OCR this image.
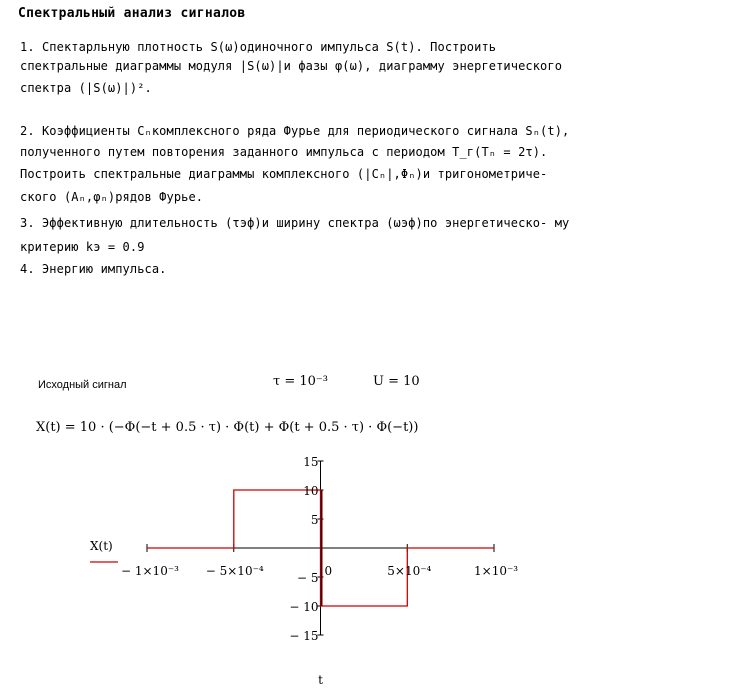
Спектральный анализ сигналов
1. Спектарльную плотность S(ω)одиночного импульса S(t). Построить
спектральные диаграммы модуля |S(ω)|и фазы φ(ω), диаграмму энергетического
спектра (|S(ω)|)².
2. Коэффициенты Cₙкомплексного ряда Фурье для периодического сигнала Sₙ(t),
полученного путем повторения заданного импульса с периодом T_г(Tₙ = 2τ).
Построить спектральные диаграммы комплексного (|Cₙ|,Φₙ)и тригонометриче-
ского (Aₙ,φₙ)рядов Фурье.
3. Эффективную длительность (τэф)и ширину спектра (ωэф)по энергетическо- му
критерию kэ = 0.9
4. Энергию импульса.
Исходный сигнал	τ = 10⁻³	U = 10
X(t) = 10 · (−Φ(−t + 0.5 · τ) · Φ(t) + Φ(t + 0.5 · τ) · Φ(−t))
− 1×10⁻³ − 5×10⁻⁴	0	5×10⁻⁴	1×10⁻³
15
10
5
− 5
− 10
− 15
X(t)
t
